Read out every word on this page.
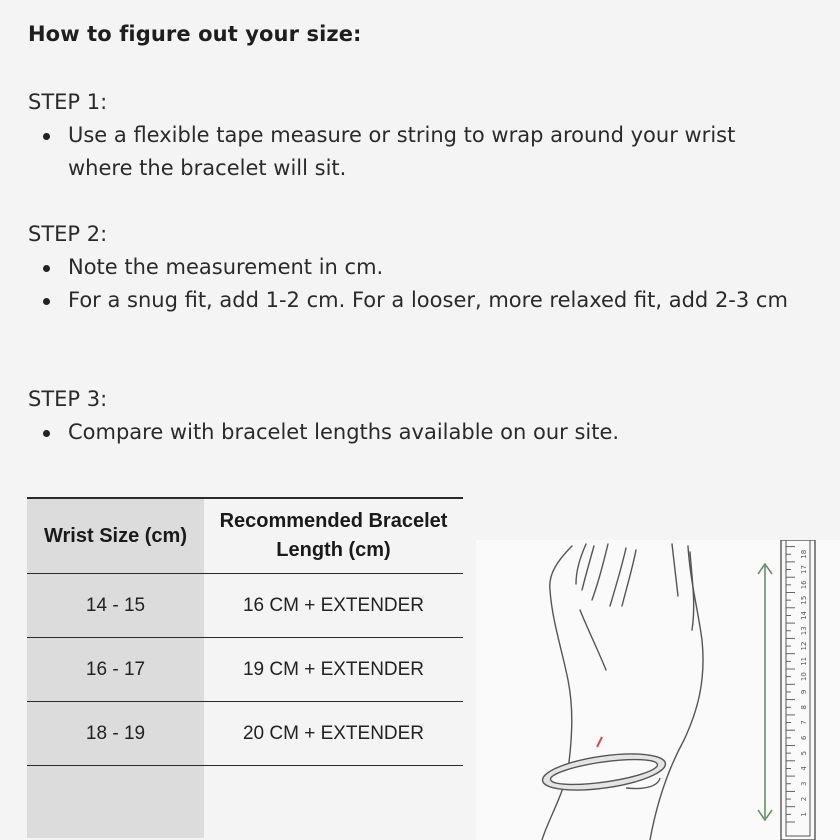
How to figure out your size:
STEP 1:
Use a flexible tape measure or string to wrap around your wrist where the bracelet will sit.
STEP 2:
Note the measurement in cm.
For a snug fit, add 1-2 cm. For a looser, more relaxed fit, add 2-3 cm
STEP 3:
Compare with bracelet lengths available on our site.
Wrist Size (cm)	Recommended Bracelet Length (cm)
14 - 15	16 CM + EXTENDER
16 - 17	19 CM + EXTENDER
18 - 19	20 CM + EXTENDER

1
2
3
4
5
6
7
8
9
10
11
12
13
14
15
16
17
18
